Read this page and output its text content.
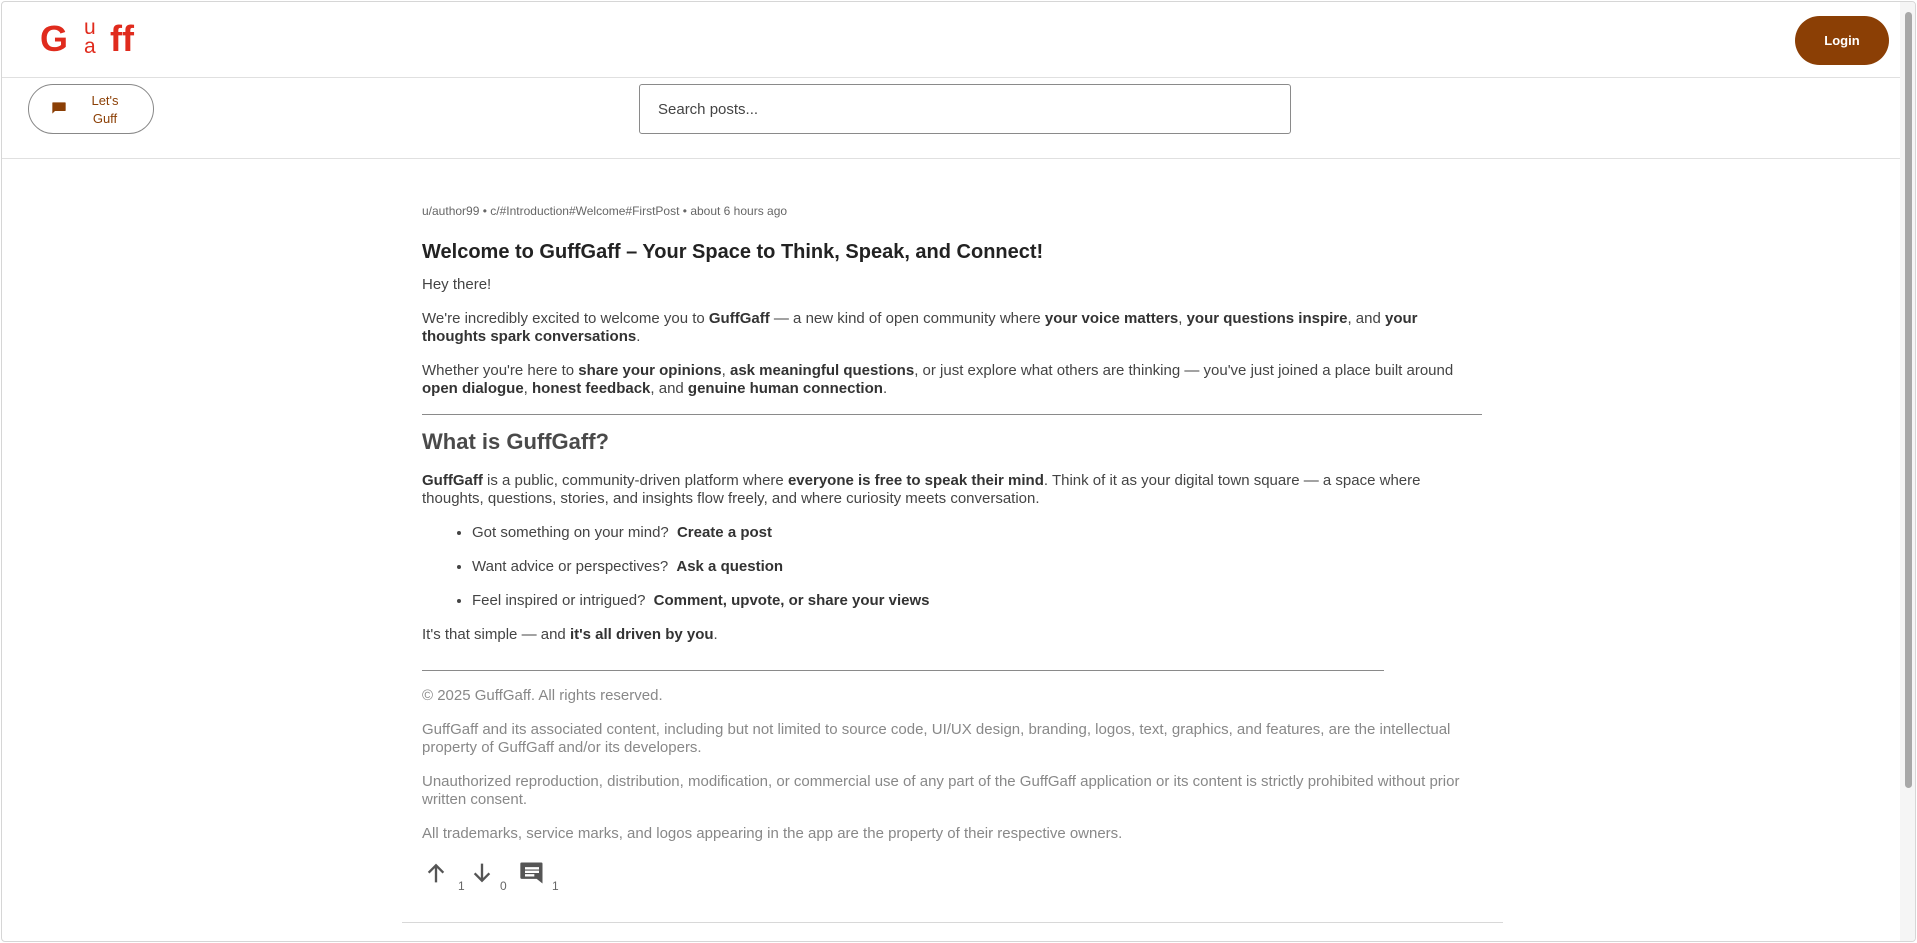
G u
a ff	Login
Let's Guff
Search posts...

u/author99 • c/#Introduction#Welcome#FirstPost • about 6 hours ago

Welcome to GuffGaff – Your Space to Think, Speak, and Connect!

Hey there!

We're incredibly excited to welcome you to GuffGaff — a new kind of open community where your voice matters, your questions inspire, and your thoughts spark conversations.

Whether you're here to share your opinions, ask meaningful questions, or just explore what others are thinking — you've just joined a place built around open dialogue, honest feedback, and genuine human connection.

What is GuffGaff?

GuffGaff is a public, community-driven platform where everyone is free to speak their mind. Think of it as your digital town square — a space where thoughts, questions, stories, and insights flow freely, and where curiosity meets conversation.

• Got something on your mind? Create a post
• Want advice or perspectives? Ask a question
• Feel inspired or intrigued? Comment, upvote, or share your views

It's that simple — and it's all driven by you.

© 2025 GuffGaff. All rights reserved.

GuffGaff and its associated content, including but not limited to source code, UI/UX design, branding, logos, text, graphics, and features, are the intellectual property of GuffGaff and/or its developers.

Unauthorized reproduction, distribution, modification, or commercial use of any part of the GuffGaff application or its content is strictly prohibited without prior written consent.

All trademarks, service marks, and logos appearing in the app are the property of their respective owners.

1	0	1
